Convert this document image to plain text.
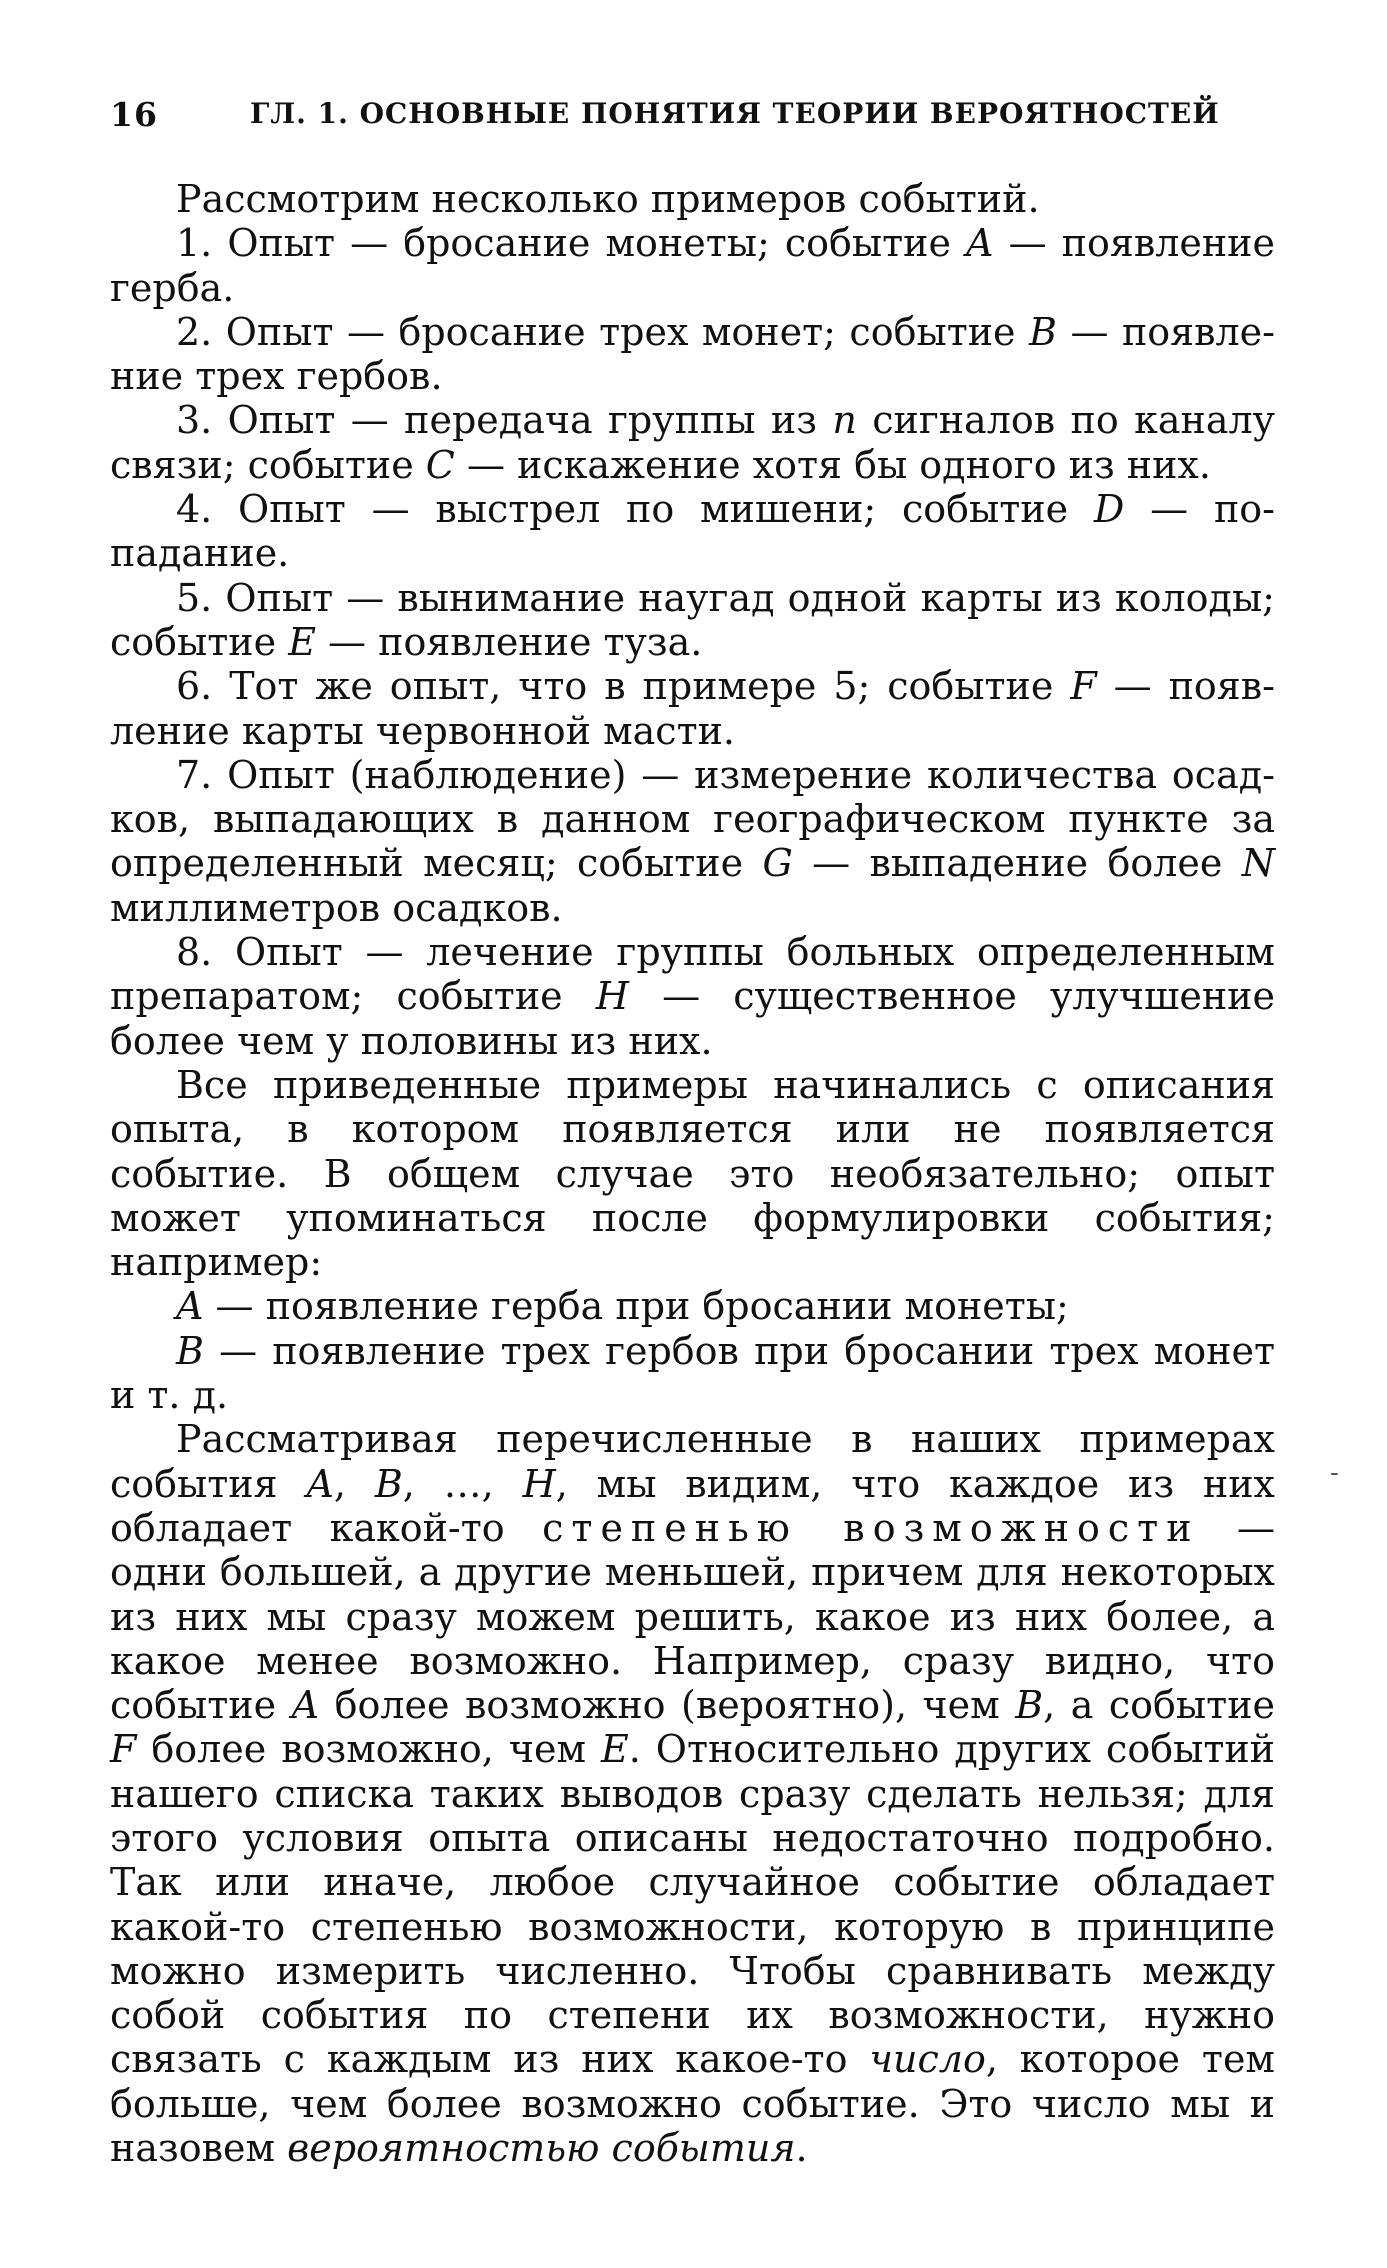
16	ГЛ. 1. ОСНОВНЫЕ ПОНЯТИЯ ТЕОРИИ ВЕРОЯТНОСТЕЙ

Рассмотрим несколько примеров событий.

1. Опыт — бросание монеты; событие A — появление герба.

2. Опыт — бросание трех монет; событие B — появление трех гербов.

3. Опыт — передача группы из n сигналов по каналу связи; событие C — искажение хотя бы одного из них.

4. Опыт — выстрел по мишени; событие D — попадание.

5. Опыт — вынимание наугад одной карты из колоды; событие E — появление туза.

6. Тот же опыт, что в примере 5; событие F — появление карты червонной масти.

7. Опыт (наблюдение) — измерение количества осадков, выпадающих в данном географическом пункте за определенный месяц; событие G — выпадение более N миллиметров осадков.

8. Опыт — лечение группы больных определенным препаратом; событие H — существенное улучшение более чем у половины из них.

Все приведенные примеры начинались с описания опыта, в котором появляется или не появляется событие. В общем случае это необязательно; опыт может упоминаться после формулировки события; например:

A — появление герба при бросании монеты;

B — появление трех гербов при бросании трех монет и т. д.

Рассматривая перечисленные в наших примерах события A, B, …, H, мы видим, что каждое из них обладает какой-то степенью возможности — одни большей, а другие меньшей, причем для некоторых из них мы сразу можем решить, какое из них более, а какое менее возможно. Например, сразу видно, что событие A более возможно (вероятно), чем B, а событие F более возможно, чем E. Относительно других событий нашего списка таких выводов сразу сделать нельзя; для этого условия опыта описаны недостаточно подробно. Так или иначе, любое случайное событие обладает какой-то степенью возможности, которую в принципе можно измерить численно. Чтобы сравнивать между собой события по степени их возможности, нужно связать с каждым из них какое-то число, которое тем больше, чем более возможно событие. Это число мы и назовем вероятностью события.

-
